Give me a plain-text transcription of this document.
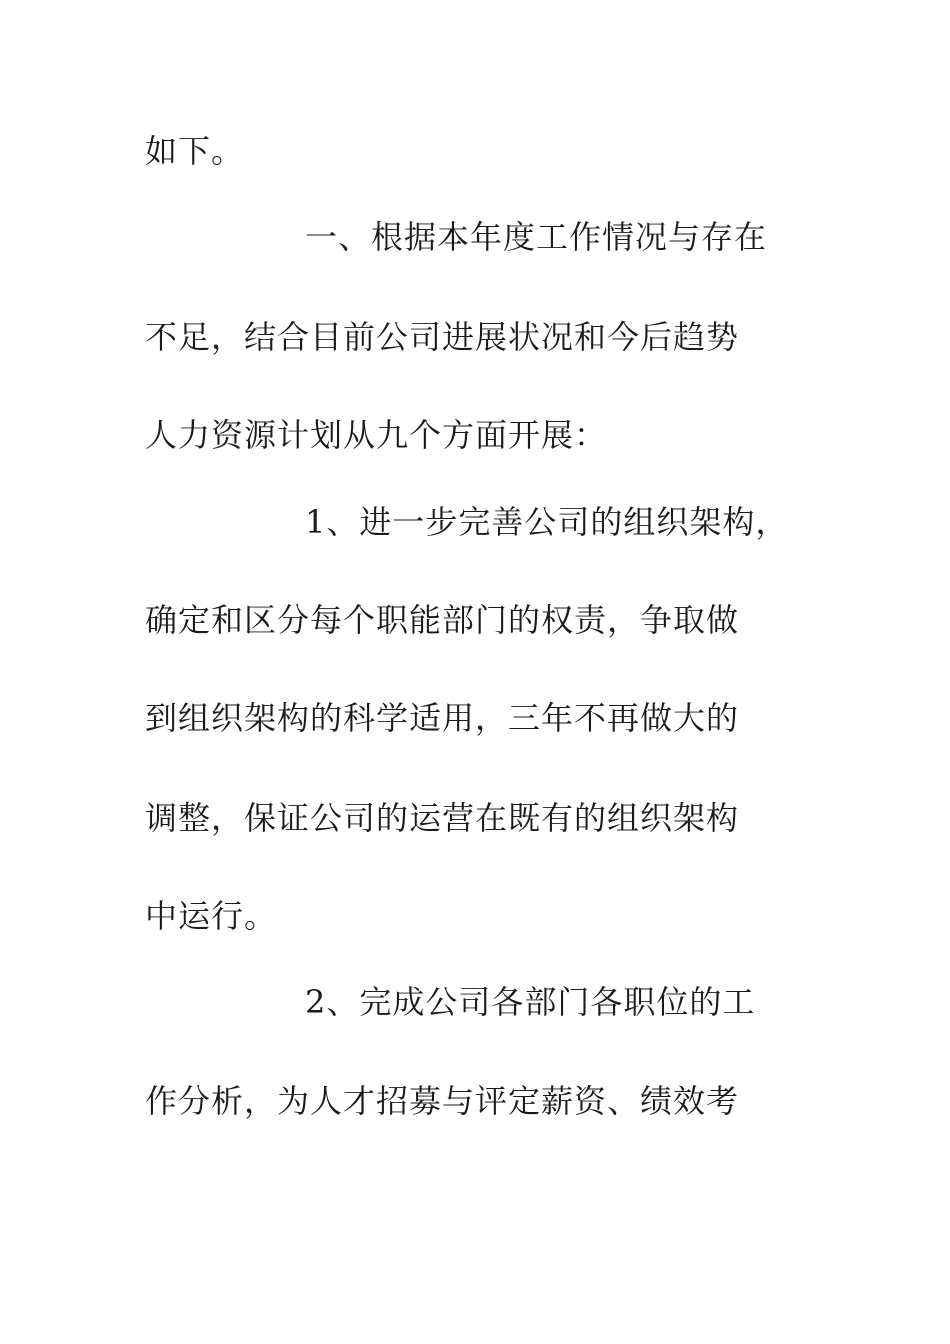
如下。
一、根据本年度工作情况与存在
不足，结合目前公司进展状况和今后趋势
人力资源计划从九个方面开展：
1、进一步完善公司的组织架构，
确定和区分每个职能部门的权责，争取做
到组织架构的科学适用，三年不再做大的
调整，保证公司的运营在既有的组织架构
中运行。
2、完成公司各部门各职位的工
作分析，为人才招募与评定薪资、绩效考
